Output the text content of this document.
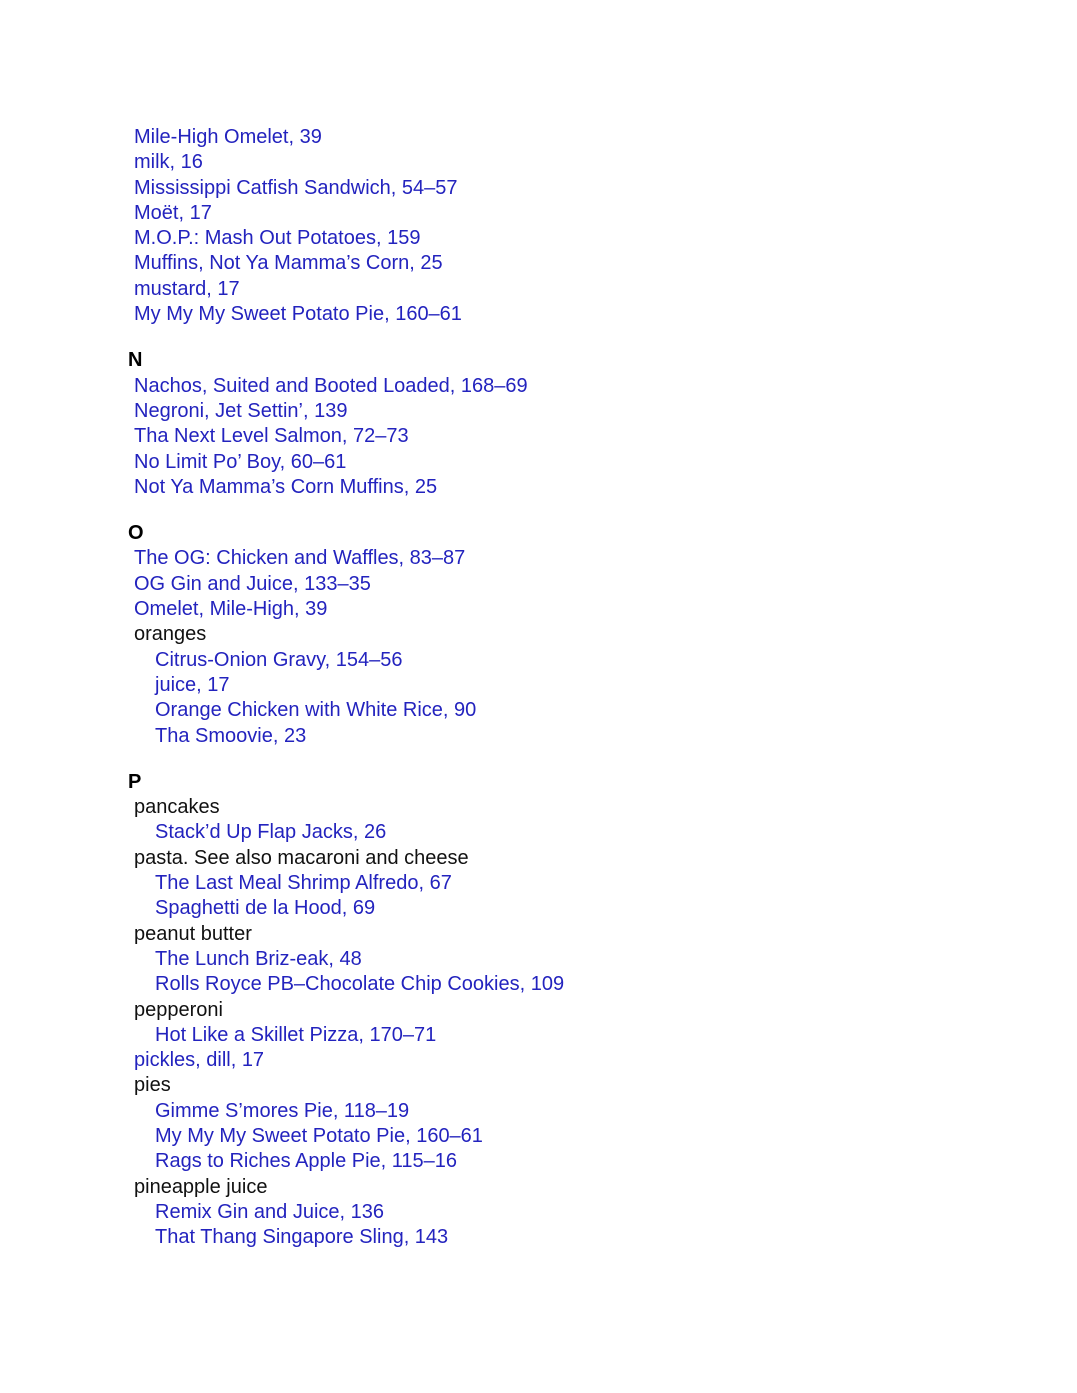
Mile-High Omelet, 39
milk, 16
Mississippi Catfish Sandwich, 54–57
Moët, 17
M.O.P.: Mash Out Potatoes, 159
Muffins, Not Ya Mamma’s Corn, 25
mustard, 17
My My My Sweet Potato Pie, 160–61
N
Nachos, Suited and Booted Loaded, 168–69
Negroni, Jet Settin’, 139
Tha Next Level Salmon, 72–73
No Limit Po’ Boy, 60–61
Not Ya Mamma’s Corn Muffins, 25
O
The OG: Chicken and Waffles, 83–87
OG Gin and Juice, 133–35
Omelet, Mile-High, 39
oranges
Citrus-Onion Gravy, 154–56
juice, 17
Orange Chicken with White Rice, 90
Tha Smoovie, 23
P
pancakes
Stack’d Up Flap Jacks, 26
pasta. See also macaroni and cheese
The Last Meal Shrimp Alfredo, 67
Spaghetti de la Hood, 69
peanut butter
The Lunch Briz-eak, 48
Rolls Royce PB–Chocolate Chip Cookies, 109
pepperoni
Hot Like a Skillet Pizza, 170–71
pickles, dill, 17
pies
Gimme S’mores Pie, 118–19
My My My Sweet Potato Pie, 160–61
Rags to Riches Apple Pie, 115–16
pineapple juice
Remix Gin and Juice, 136
That Thang Singapore Sling, 143
